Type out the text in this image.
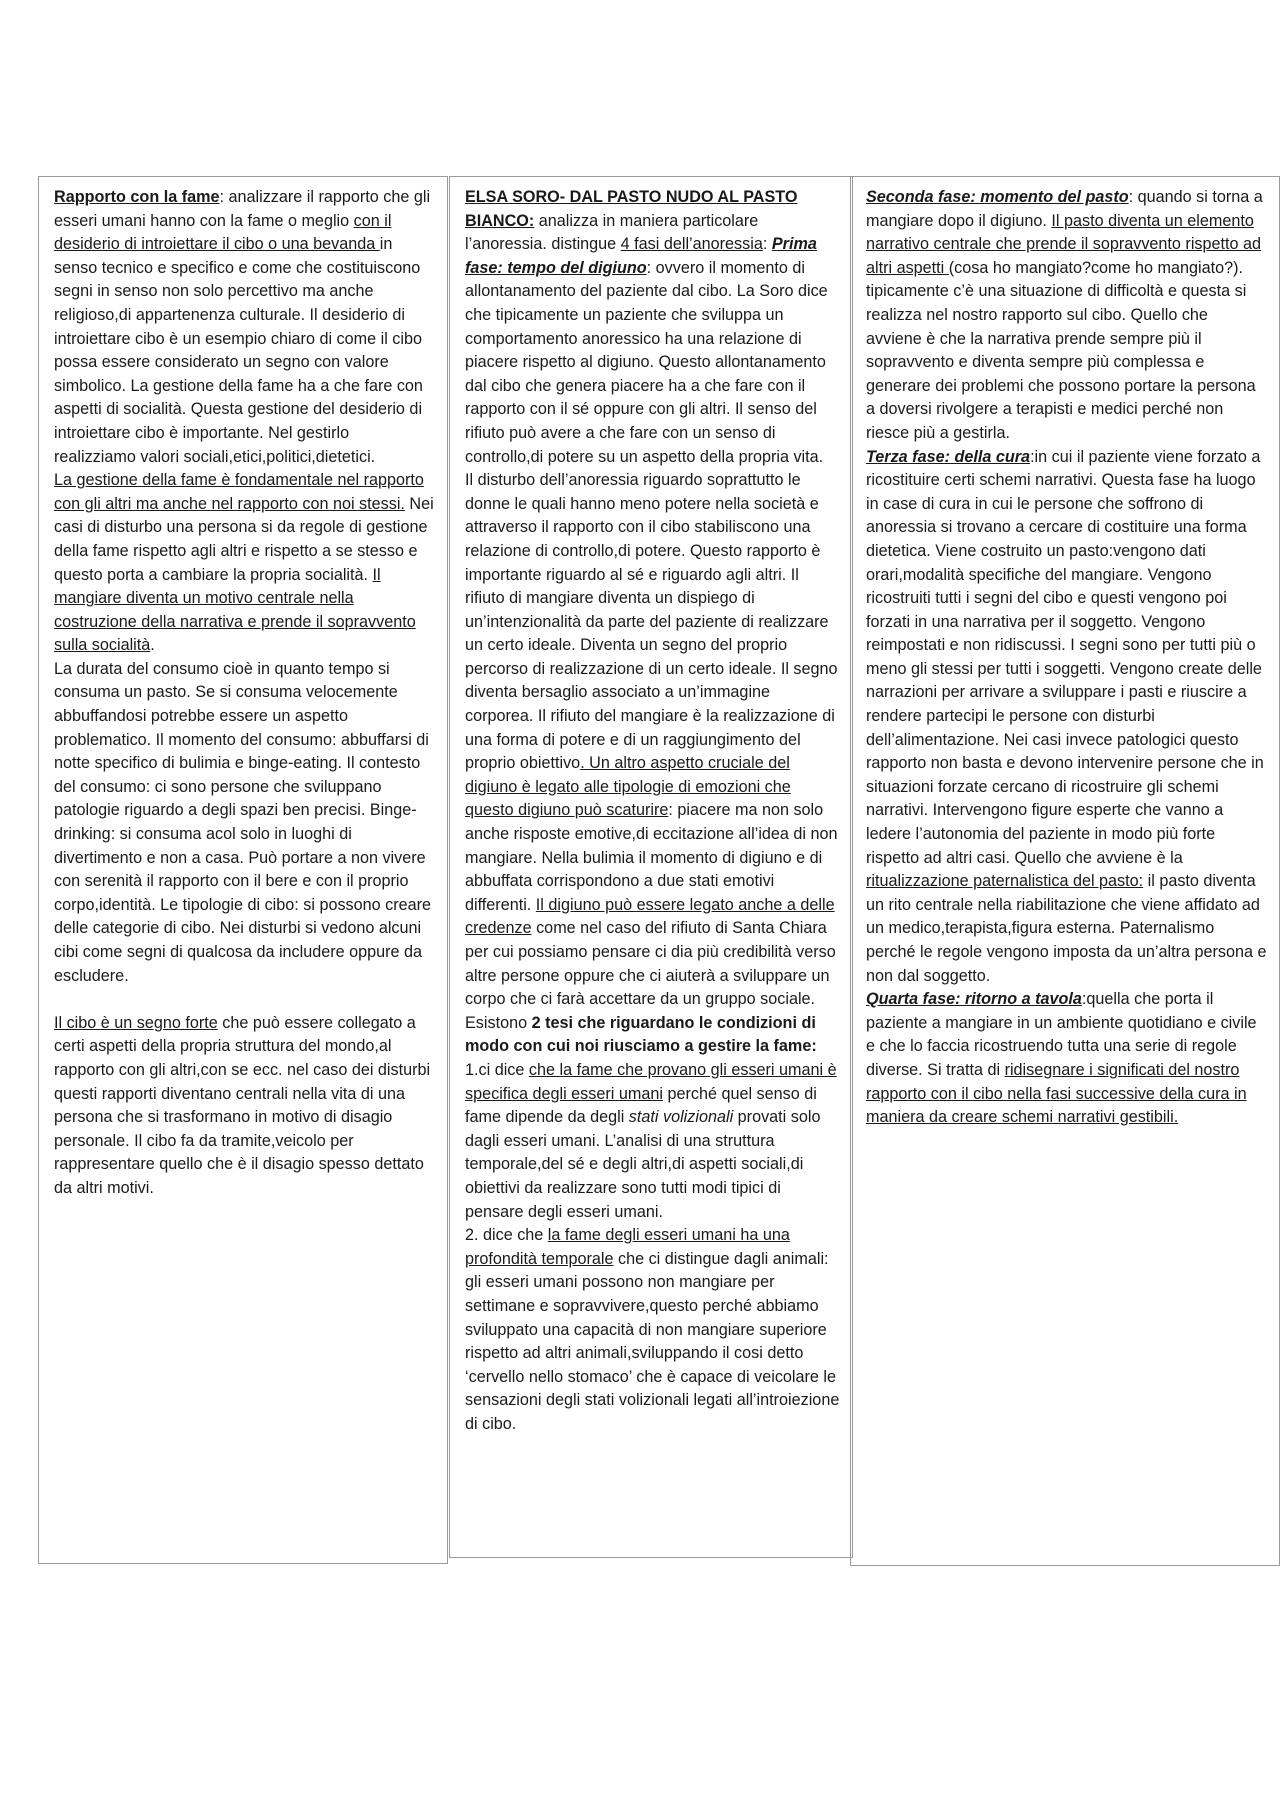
Rapporto con la fame: analizzare il rapporto che gli esseri umani hanno con la fame o meglio con il desiderio di introiettare il cibo o una bevanda in senso tecnico e specifico e come che costituiscono segni in senso non solo percettivo ma anche religioso,di appartenenza culturale. Il desiderio di introiettare cibo è un esempio chiaro di come il cibo possa essere considerato un segno con valore simbolico. La gestione della fame ha a che fare con aspetti di socialità. Questa gestione del desiderio di introiettare cibo è importante. Nel gestirlo realizziamo valori sociali,etici,politici,dietetici.

La gestione della fame è fondamentale nel rapporto con gli altri ma anche nel rapporto con noi stessi. Nei casi di disturbo una persona si da regole di gestione della fame rispetto agli altri e rispetto a se stesso e questo porta a cambiare la propria socialità. Il mangiare diventa un motivo centrale nella costruzione della narrativa e prende il sopravvento sulla socialità.

La durata del consumo cioè in quanto tempo si consuma un pasto. Se si consuma velocemente abbuffandosi potrebbe essere un aspetto problematico. Il momento del consumo: abbuffarsi di notte specifico di bulimia e binge-eating. Il contesto del consumo: ci sono persone che sviluppano patologie riguardo a degli spazi ben precisi. Binge-drinking: si consuma acol solo in luoghi di divertimento e non a casa. Può portare a non vivere con serenità il rapporto con il bere e con il proprio corpo,identità. Le tipologie di cibo: si possono creare delle categorie di cibo. Nei disturbi si vedono alcuni cibi come segni di qualcosa da includere oppure da escludere.

Il cibo è un segno forte che può essere collegato a certi aspetti della propria struttura del mondo,al rapporto con gli altri,con se ecc. nel caso dei disturbi questi rapporti diventano centrali nella vita di una persona che si trasformano in motivo di disagio personale. Il cibo fa da tramite,veicolo per rappresentare quello che è il disagio spesso dettato da altri motivi.

ELSA SORO- DAL PASTO NUDO AL PASTO BIANCO: analizza in maniera particolare l’anoressia. distingue 4 fasi dell’anoressia: Prima fase: tempo del digiuno: ovvero il momento di allontanamento del paziente dal cibo. La Soro dice che tipicamente un paziente che sviluppa un comportamento anoressico ha una relazione di piacere rispetto al digiuno. Questo allontanamento dal cibo che genera piacere ha a che fare con il rapporto con il sé oppure con gli altri. Il senso del rifiuto può avere a che fare con un senso di controllo,di potere su un aspetto della propria vita.

Il disturbo dell’anoressia riguardo soprattutto le donne le quali hanno meno potere nella società e attraverso il rapporto con il cibo stabiliscono una relazione di controllo,di potere. Questo rapporto è importante riguardo al sé e riguardo agli altri. Il rifiuto di mangiare diventa un dispiego di un’intenzionalità da parte del paziente di realizzare un certo ideale. Diventa un segno del proprio percorso di realizzazione di un certo ideale. Il segno diventa bersaglio associato a un’immagine corporea. Il rifiuto del mangiare è la realizzazione di una forma di potere e di un raggiungimento del proprio obiettivo. Un altro aspetto cruciale del digiuno è legato alle tipologie di emozioni che questo digiuno può scaturire: piacere ma non solo anche risposte emotive,di eccitazione all’idea di non mangiare. Nella bulimia il momento di digiuno e di abbuffata corrispondono a due stati emotivi differenti. Il digiuno può essere legato anche a delle credenze come nel caso del rifiuto di Santa Chiara per cui possiamo pensare ci dia più credibilità verso altre persone oppure che ci aiuterà a sviluppare un corpo che ci farà accettare da un gruppo sociale.

Esistono 2 tesi che riguardano le condizioni di modo con cui noi riusciamo a gestire la fame:

1.ci dice che la fame che provano gli esseri umani è specifica degli esseri umani perché quel senso di fame dipende da degli stati volizionali provati solo dagli esseri umani. L’analisi di una struttura temporale,del sé e degli altri,di aspetti sociali,di obiettivi da realizzare sono tutti modi tipici di pensare degli esseri umani.

2. dice che la fame degli esseri umani ha una profondità temporale che ci distingue dagli animali: gli esseri umani possono non mangiare per settimane e sopravvivere,questo perché abbiamo sviluppato una capacità di non mangiare superiore rispetto ad altri animali,sviluppando il cosi detto ‘cervello nello stomaco’ che è capace di veicolare le sensazioni degli stati volizionali legati all’introiezione di cibo.

Seconda fase: momento del pasto: quando si torna a mangiare dopo il digiuno. Il pasto diventa un elemento narrativo centrale che prende il sopravvento rispetto ad altri aspetti (cosa ho mangiato?come ho mangiato?). tipicamente c’è una situazione di difficoltà e questa si realizza nel nostro rapporto sul cibo. Quello che avviene è che la narrativa prende sempre più il sopravvento e diventa sempre più complessa e generare dei problemi che possono portare la persona a doversi rivolgere a terapisti e medici perché non riesce più a gestirla.

Terza fase: della cura:in cui il paziente viene forzato a ricostituire certi schemi narrativi. Questa fase ha luogo in case di cura in cui le persone che soffrono di anoressia si trovano a cercare di costituire una forma dietetica. Viene costruito un pasto:vengono dati orari,modalità specifiche del mangiare. Vengono ricostruiti tutti i segni del cibo e questi vengono poi forzati in una narrativa per il soggetto. Vengono reimpostati e non ridiscussi. I segni sono per tutti più o meno gli stessi per tutti i soggetti. Vengono create delle narrazioni per arrivare a sviluppare i pasti e riuscire a rendere partecipi le persone con disturbi dell’alimentazione. Nei casi invece patologici questo rapporto non basta e devono intervenire persone che in situazioni forzate cercano di ricostruire gli schemi narrativi. Intervengono figure esperte che vanno a ledere l’autonomia del paziente in modo più forte rispetto ad altri casi. Quello che avviene è la ritualizzazione paternalistica del pasto: il pasto diventa un rito centrale nella riabilitazione che viene affidato ad un medico,terapista,figura esterna. Paternalismo perché le regole vengono imposta da un’altra persona e non dal soggetto.

Quarta fase: ritorno a tavola:quella che porta il paziente a mangiare in un ambiente quotidiano e civile e che lo faccia ricostruendo tutta una serie di regole diverse. Si tratta di ridisegnare i significati del nostro rapporto con il cibo nella fasi successive della cura in maniera da creare schemi narrativi gestibili.
